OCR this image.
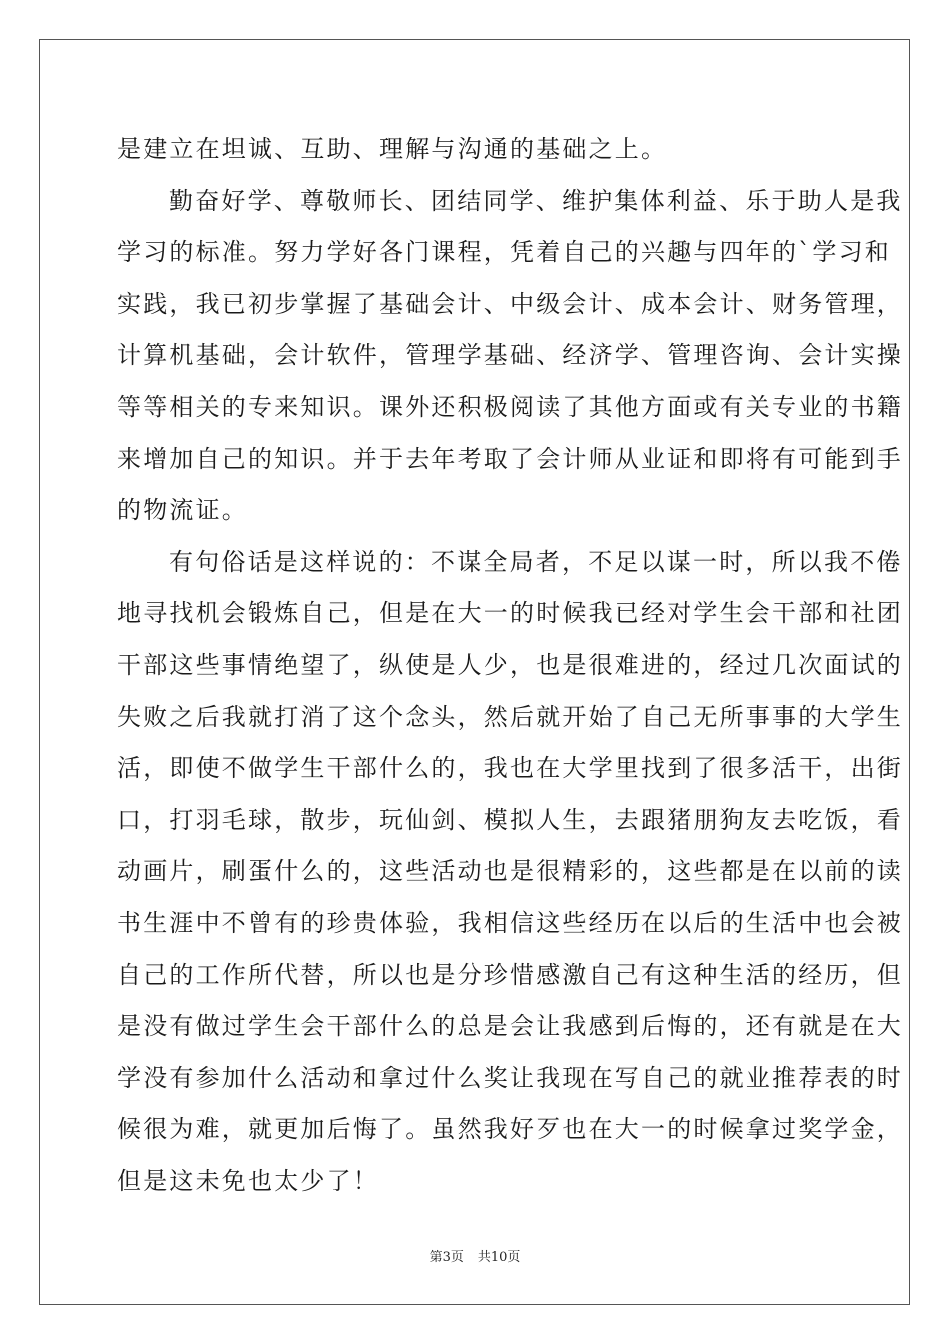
是建立在坦诚、互助、理解与沟通的基础之上。
勤奋好学、尊敬师长、团结同学、维护集体利益、乐于助人是我
学习的标准。努力学好各门课程，凭着自己的兴趣与四年的`学习和
实践，我已初步掌握了基础会计、中级会计、成本会计、财务管理，
计算机基础，会计软件，管理学基础、经济学、管理咨询、会计实操
等等相关的专来知识。课外还积极阅读了其他方面或有关专业的书籍
来增加自己的知识。并于去年考取了会计师从业证和即将有可能到手
的物流证。
有句俗话是这样说的：不谋全局者，不足以谋一时，所以我不倦
地寻找机会锻炼自己，但是在大一的时候我已经对学生会干部和社团
干部这些事情绝望了，纵使是人少，也是很难进的，经过几次面试的
失败之后我就打消了这个念头，然后就开始了自己无所事事的大学生
活，即使不做学生干部什么的，我也在大学里找到了很多活干，出街
口，打羽毛球，散步，玩仙剑、模拟人生，去跟猪朋狗友去吃饭，看
动画片，刷蛋什么的，这些活动也是很精彩的，这些都是在以前的读
书生涯中不曾有的珍贵体验，我相信这些经历在以后的生活中也会被
自己的工作所代替，所以也是分珍惜感激自己有这种生活的经历，但
是没有做过学生会干部什么的总是会让我感到后悔的，还有就是在大
学没有参加什么活动和拿过什么奖让我现在写自己的就业推荐表的时
候很为难，就更加后悔了。虽然我好歹也在大一的时候拿过奖学金，
但是这未免也太少了！
第3页 共10页
